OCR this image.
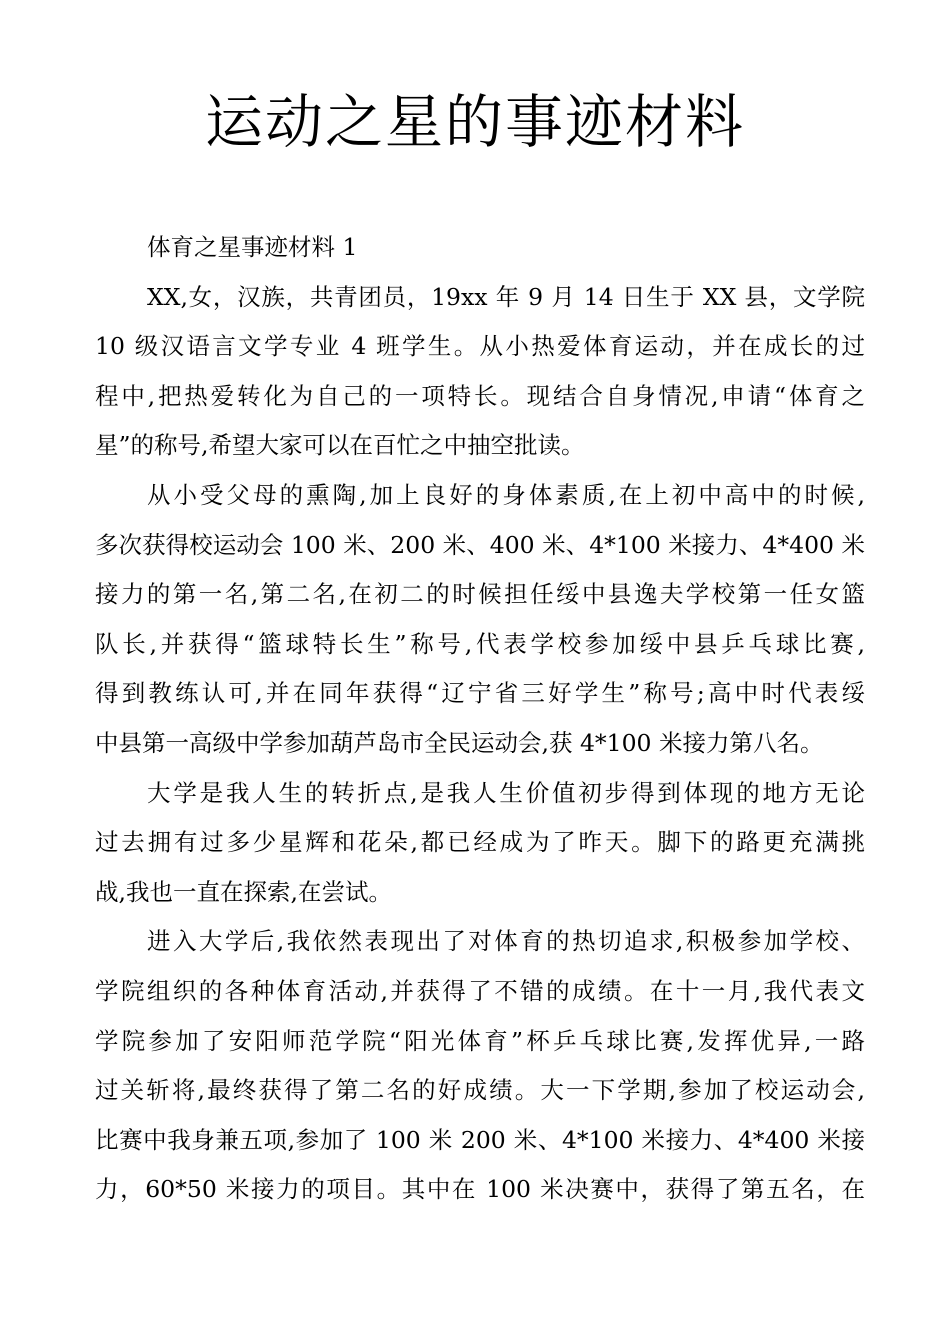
运动之星的事迹材料
体育之星事迹材料 1
XX,女，汉族，共青团员，19xx 年 9 月 14 日生于 XX 县，文学院
10 级汉语言文学专业 4 班学生。从小热爱体育运动，并在成长的过
程中,把热爱转化为自己的一项特长。现结合自身情况,申请“体育之
星”的称号,希望大家可以在百忙之中抽空批读。
从小受父母的熏陶,加上良好的身体素质,在上初中高中的时候,
多次获得校运动会 100 米、200 米、400 米、4*100 米接力、4*400 米
接力的第一名,第二名,在初二的时候担任绥中县逸夫学校第一任女篮
队长,并获得“篮球特长生”称号,代表学校参加绥中县乒乓球比赛,
得到教练认可,并在同年获得“辽宁省三好学生”称号;高中时代表绥
中县第一高级中学参加葫芦岛市全民运动会,获 4*100 米接力第八名。
大学是我人生的转折点,是我人生价值初步得到体现的地方无论
过去拥有过多少星辉和花朵,都已经成为了昨天。脚下的路更充满挑
战,我也一直在探索,在尝试。
进入大学后,我依然表现出了对体育的热切追求,积极参加学校、
学院组织的各种体育活动,并获得了不错的成绩。在十一月,我代表文
学院参加了安阳师范学院“阳光体育”杯乒乓球比赛,发挥优异,一路
过关斩将,最终获得了第二名的好成绩。大一下学期,参加了校运动会,
比赛中我身兼五项,参加了 100 米 200 米、4*100 米接力、4*400 米接
力，60*50 米接力的项目。其中在 100 米决赛中，获得了第五名，在
